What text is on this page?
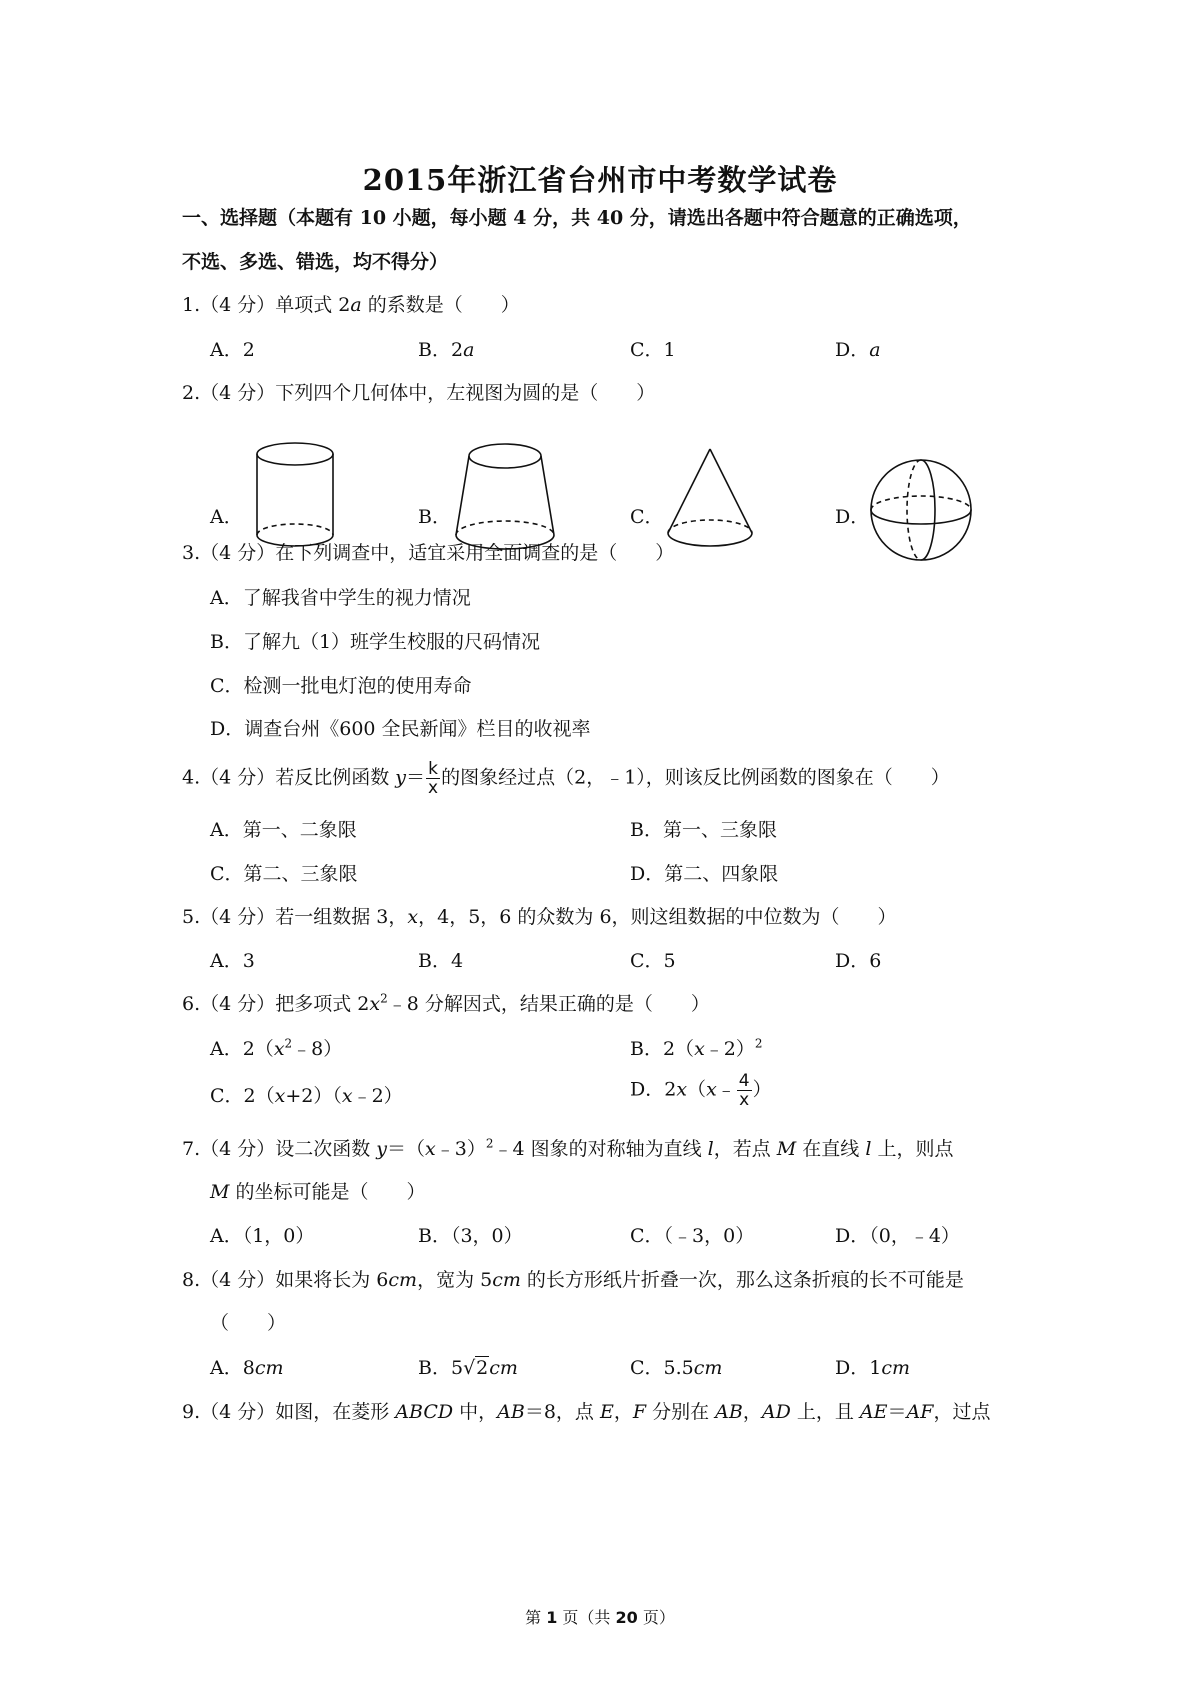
2015年浙江省台州市中考数学试卷
一、选择题（本题有 10 小题，每小题 4 分，共 40 分，请选出各题中符合题意的正确选项，
不选、多选、错选，均不得分）
1.（4 分）单项式 2a 的系数是（　　）
A．2	B．2a	C．1	D．a
2.（4 分）下列四个几何体中，左视图为圆的是（　　）
A．	B．	C．	D．
3.（4 分）在下列调查中，适宜采用全面调查的是（　　）
A．了解我省中学生的视力情况
B．了解九（1）班学生校服的尺码情况
C．检测一批电灯泡的使用寿命
D．调查台州《600 全民新闻》栏目的收视率
4.（4 分）若反比例函数 $y= \frac{k}{x}$ 的图象经过点（2，﹣1），则该反比例函数的图象在（　　）
A．第一、二象限	B．第一、三象限
C．第二、三象限	D．第二、四象限
5.（4 分）若一组数据 3，x，4，5，6 的众数为 6，则这组数据的中位数为（　　）
A．3	B．4	C．5	D．6
6.（4 分）把多项式 $2x^2﹣8$ 分解因式，结果正确的是（　　）
A．$2(x^2﹣8)$	B．2（x﹣2）$^2$
C．2（x+2）（x﹣2）	D．2x（x﹣ $\frac{4}{x}$ ）
7.（4 分）设二次函数 y＝（x﹣3）$^2$﹣4 图象的对称轴为直线 l，若点 M 在直线 l 上，则点
M 的坐标可能是（　　）
A．（1，0）	B．（3，0）	C．（﹣3，0）	D．（0，﹣4）
8.（4 分）如果将长为 6cm，宽为 5cm 的长方形纸片折叠一次，那么这条折痕的长不可能是
（　　）
A．8cm	B．5√2cm	C．5.5cm	D．1cm
9.（4 分）如图，在菱形 ABCD 中，AB＝8，点 E，F 分别在 AB，AD 上，且 AE＝AF，过点
第 1 页（共 20 页）
